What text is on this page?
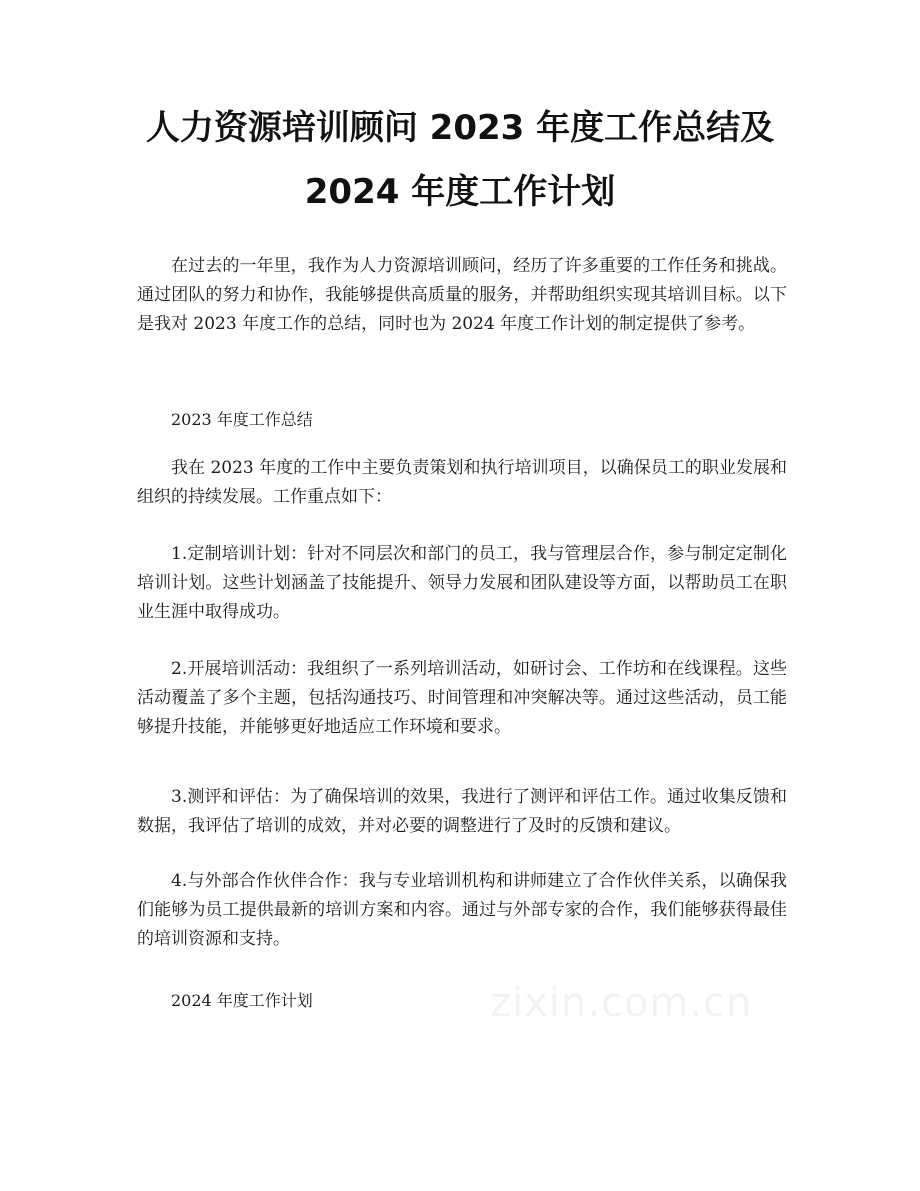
人力资源培训顾问 2023 年度工作总结及
2024 年度工作计划

在过去的一年里，我作为人力资源培训顾问，经历了许多重要的工作任务和挑战。通过团队的努力和协作，我能够提供高质量的服务，并帮助组织实现其培训目标。以下是我对 2023 年度工作的总结，同时也为 2024 年度工作计划的制定提供了参考。

2023 年度工作总结

我在 2023 年度的工作中主要负责策划和执行培训项目，以确保员工的职业发展和组织的持续发展。工作重点如下：

1.定制培训计划：针对不同层次和部门的员工，我与管理层合作，参与制定定制化培训计划。这些计划涵盖了技能提升、领导力发展和团队建设等方面，以帮助员工在职业生涯中取得成功。

2.开展培训活动：我组织了一系列培训活动，如研讨会、工作坊和在线课程。这些活动覆盖了多个主题，包括沟通技巧、时间管理和冲突解决等。通过这些活动，员工能够提升技能，并能够更好地适应工作环境和要求。

3.测评和评估：为了确保培训的效果，我进行了测评和评估工作。通过收集反馈和数据，我评估了培训的成效，并对必要的调整进行了及时的反馈和建议。

4.与外部合作伙伴合作：我与专业培训机构和讲师建立了合作伙伴关系，以确保我们能够为员工提供最新的培训方案和内容。通过与外部专家的合作，我们能够获得最佳的培训资源和支持。

2024 年度工作计划	zixin.com.cn
